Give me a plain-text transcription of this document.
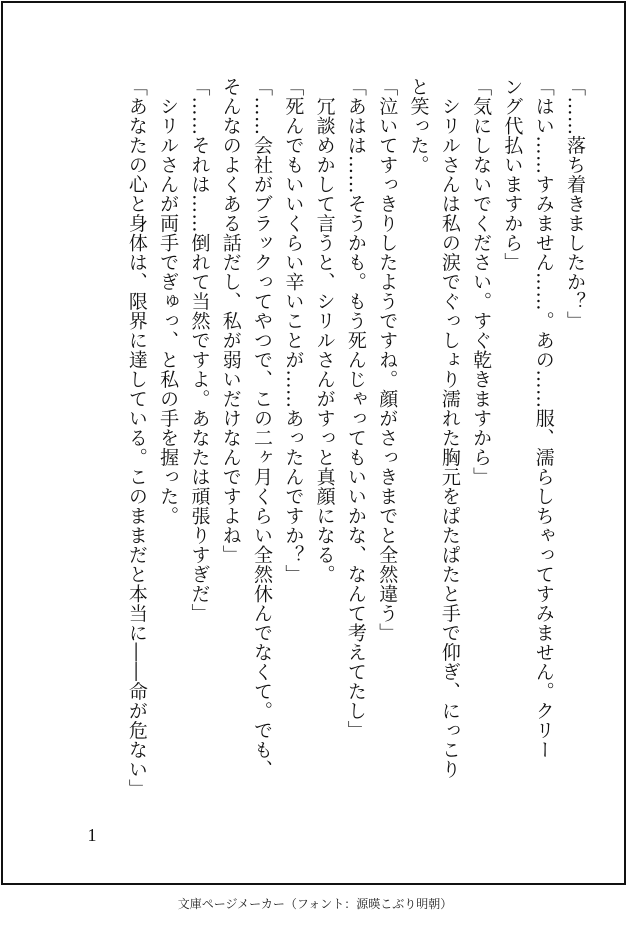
「……落ち着きましたか？」
「はい……すみません……。あの……服、濡らしちゃってすみません。クリー
ング代払いますから」
「気にしないでください。すぐ乾きますから」
　シリルさんは私の涙でぐっしょり濡れた胸元をぱたぱたと手で仰ぎ、にっこり
と笑った。
「泣いてすっきりしたようですね。顔がさっきまでと全然違う」
「あはは……そうかも。もう死んじゃってもいいかな、なんて考えてたし」
　冗談めかして言うと、シリルさんがすっと真顔になる。
「死んでもいいくらい辛いことが……あったんですか？」
「……会社がブラックってやつで、この二ヶ月くらい全然休んでなくて。でも、
そんなのよくある話だし、私が弱いだけなんですよね」
「……それは……倒れて当然ですよ。あなたは頑張りすぎだ」
　シリルさんが両手でぎゅっ、と私の手を握った。
「あなたの心と身体は、限界に達している。このままだと本当に――命が危ない」
1
文庫ページメーカー（フォント：源暎こぶり明朝）
